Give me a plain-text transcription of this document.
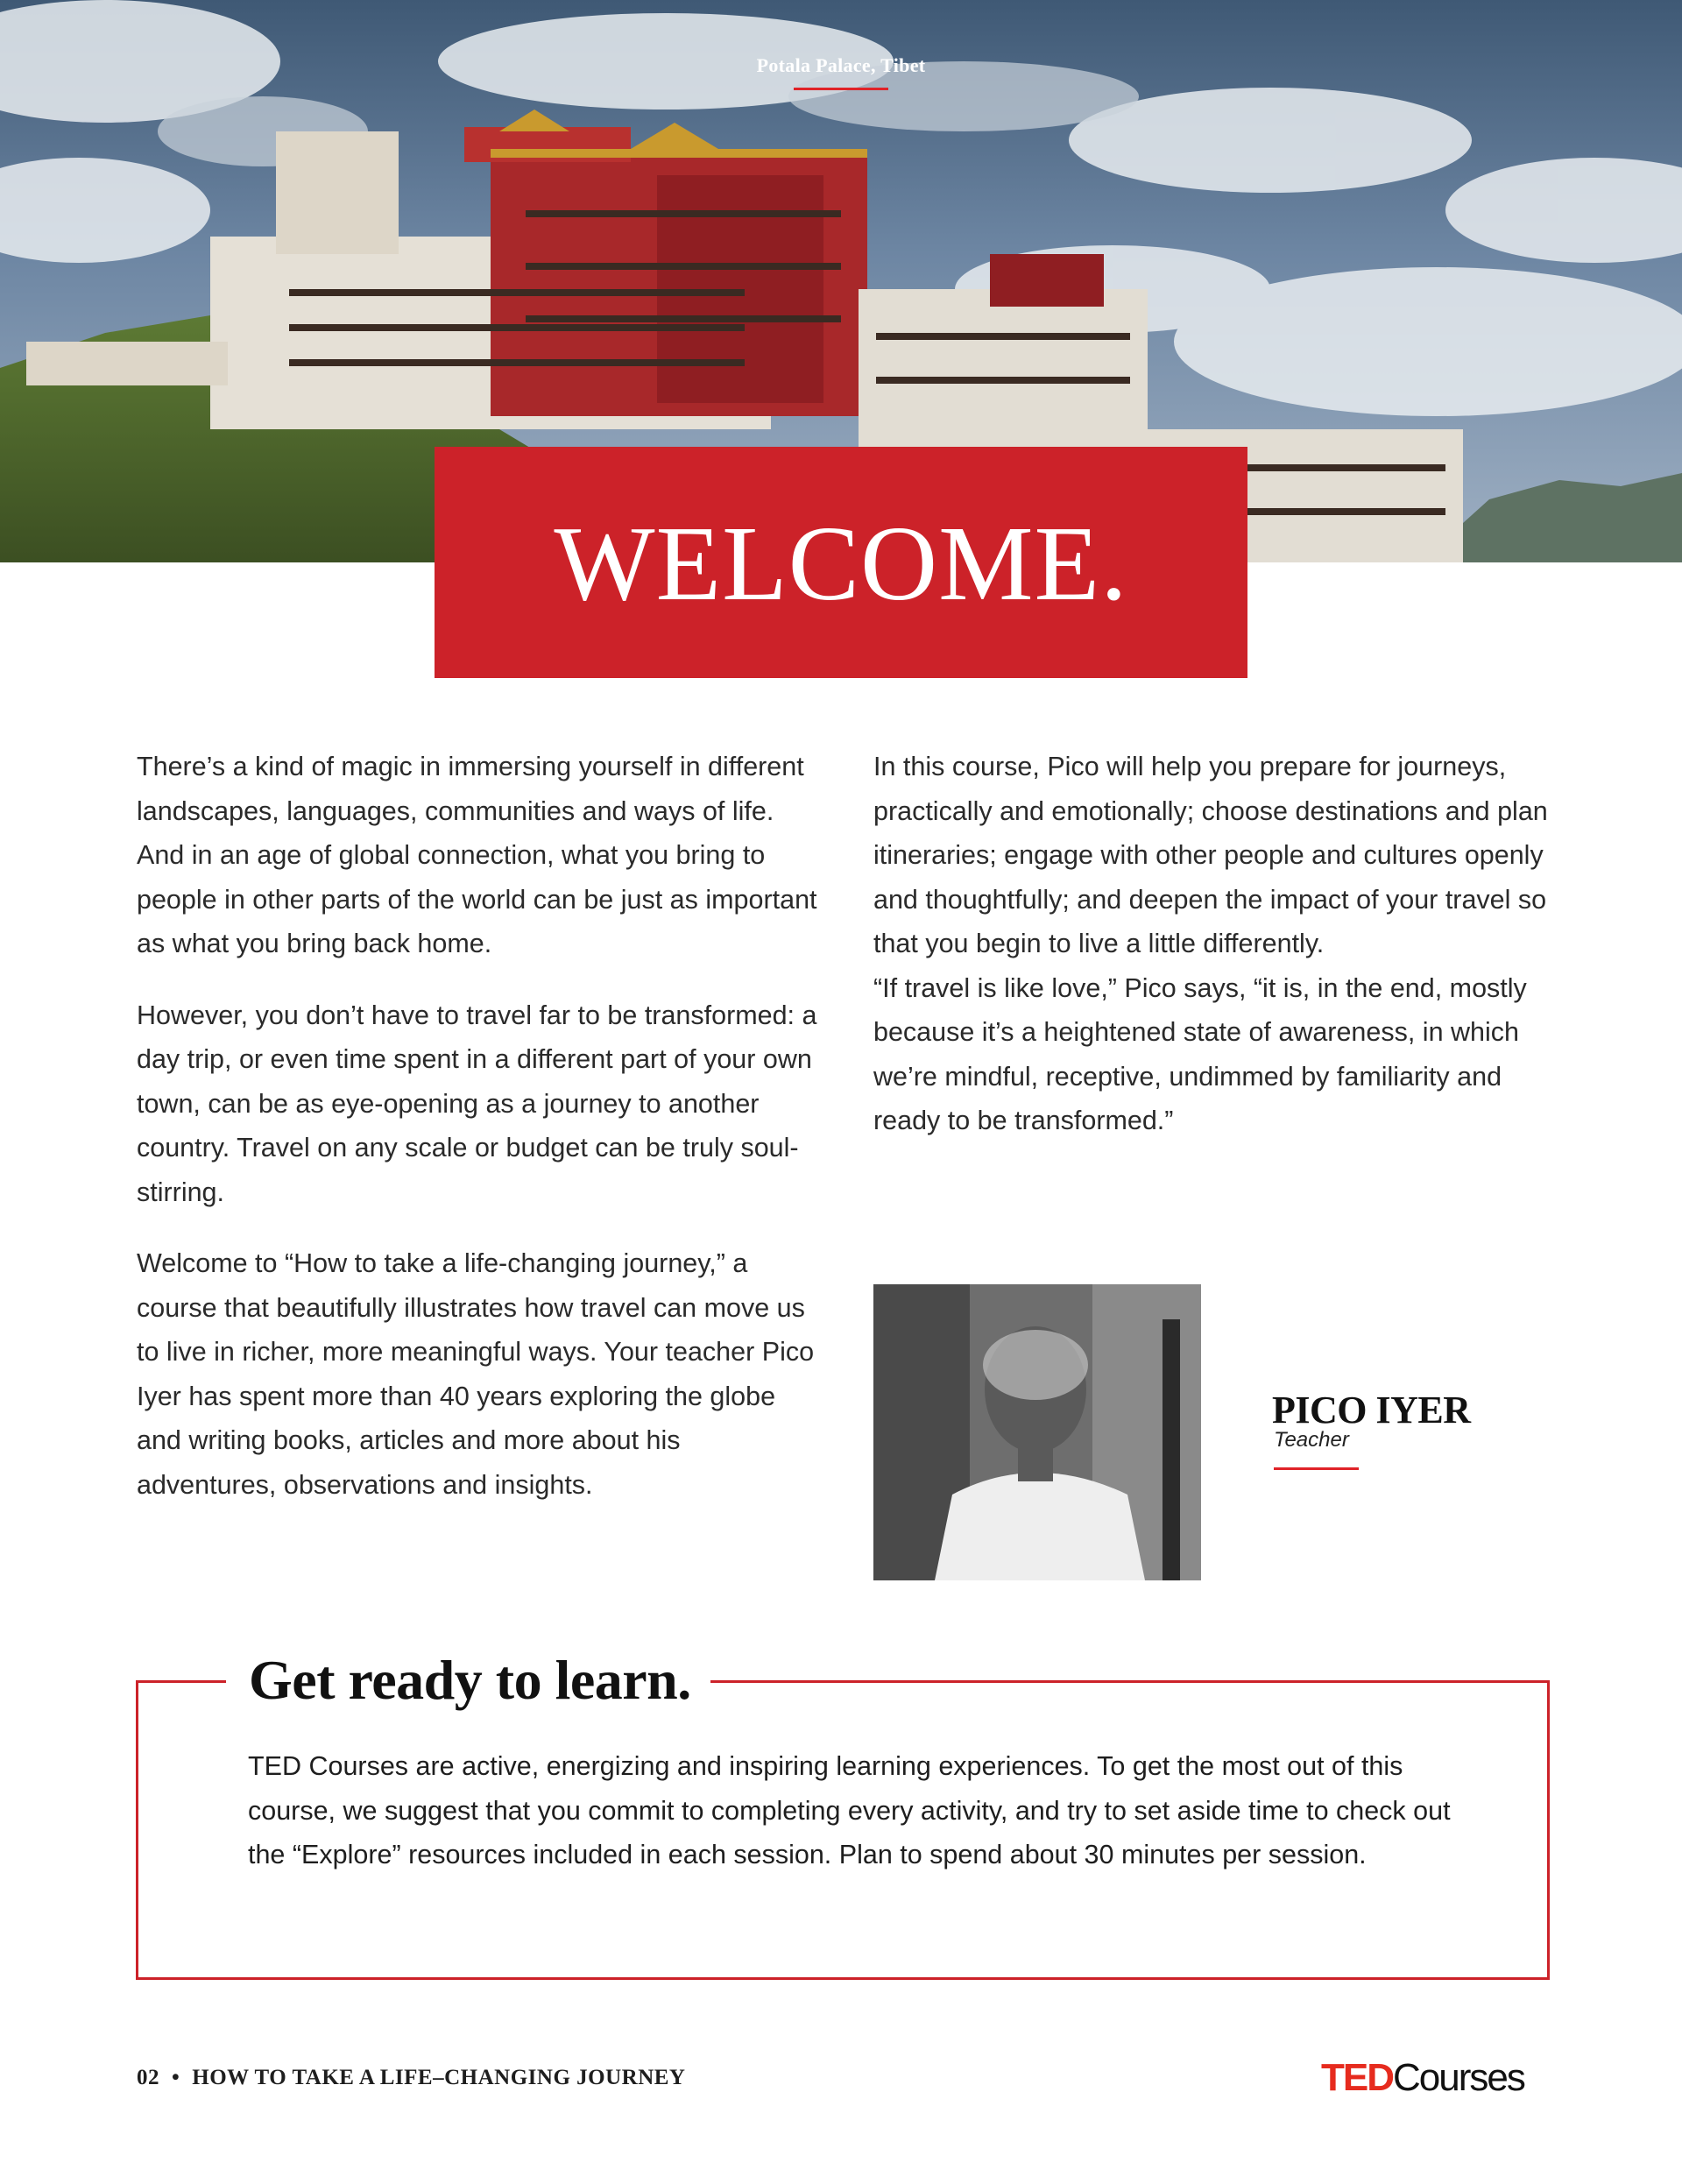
Potala Palace, Tibet
WELCOME.

There’s a kind of magic in immersing yourself in different landscapes, languages, communities and ways of life. And in an age of global connection, what you bring to people in other parts of the world can be just as important as what you bring back home.

However, you don’t have to travel far to be transformed: a day trip, or even time spent in a different part of your own town, can be as eye-opening as a journey to another country. Travel on any scale or budget can be truly soul-stirring.

Welcome to “How to take a life-changing journey,” a course that beautifully illustrates how travel can move us to live in richer, more meaningful ways. Your teacher Pico Iyer has spent more than 40 years exploring the globe and writing books, articles and more about his adventures, observations and insights.

In this course, Pico will help you prepare for journeys, practically and emotionally; choose destinations and plan itineraries; engage with other people and cultures openly and thoughtfully; and deepen the impact of your travel so that you begin to live a little differently.

“If travel is like love,” Pico says, “it is, in the end, mostly because it’s a heightened state of awareness, in which we’re mindful, receptive, undimmed by familiarity and ready to be transformed.”

PICO IYER
Teacher
Get ready to learn.
TED Courses are active, energizing and inspiring learning experiences. To get the most out of this course, we suggest that you commit to completing every activity, and try to set aside time to check out the “Explore” resources included in each session. Plan to spend about 30 minutes per session.
02 • HOW TO TAKE A LIFE–CHANGING JOURNEY	TEDCourses
